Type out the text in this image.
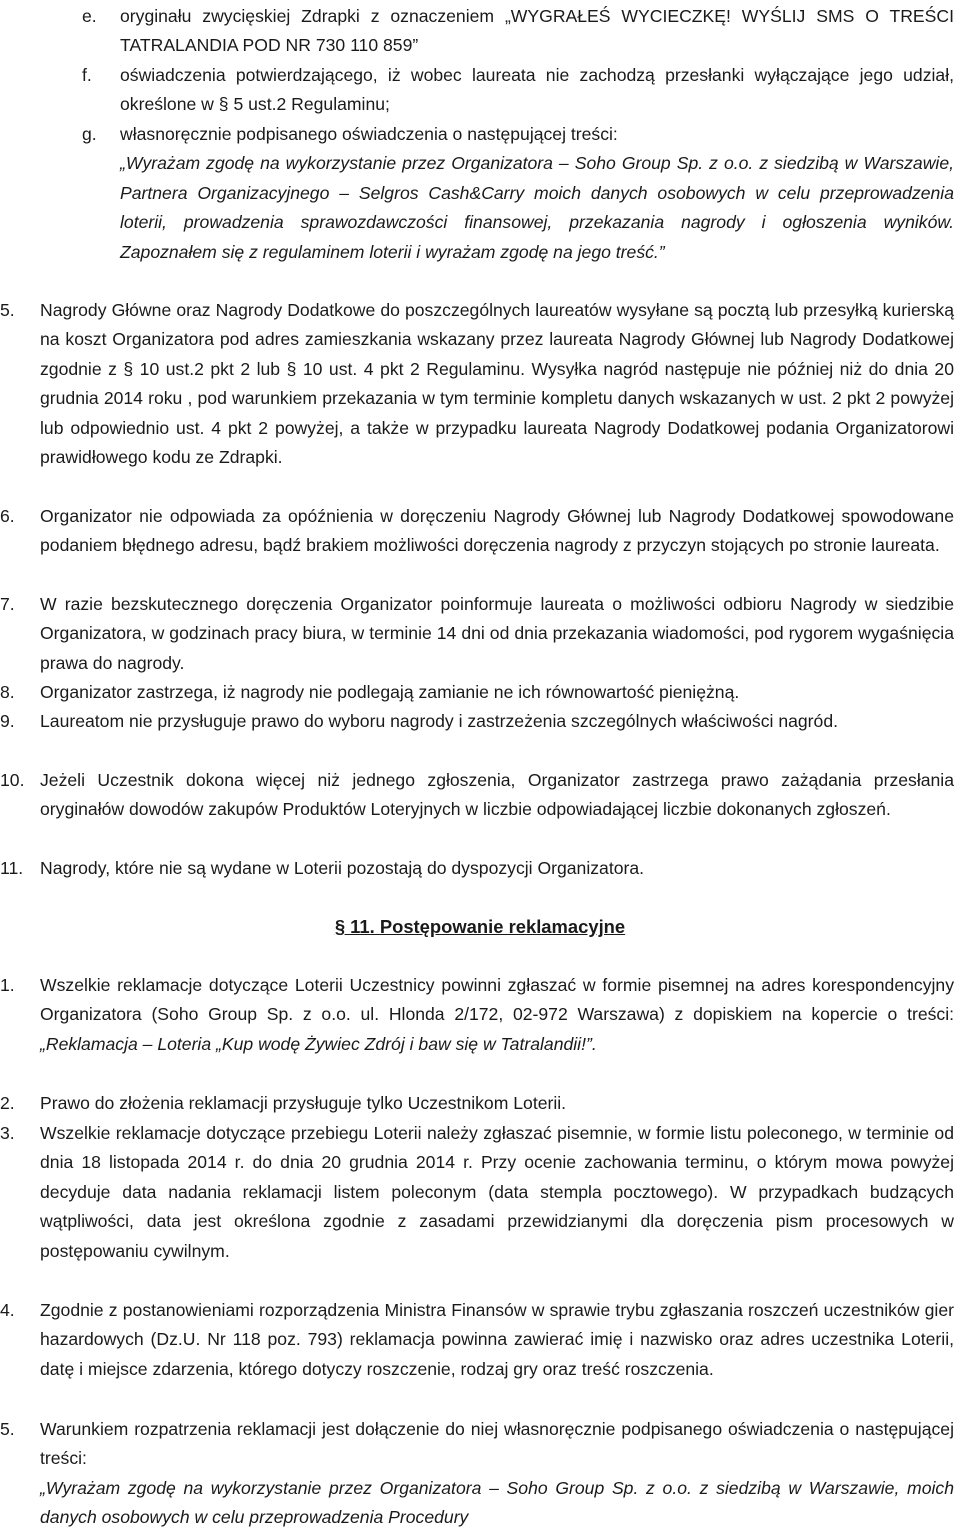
e. oryginału zwycięskiej Zdrapki z oznaczeniem „WYGRAŁEŚ WYCIECZKĘ! WYŚLIJ SMS O TREŚCI TATRALANDIA POD NR 730 110 859”
f. oświadczenia potwierdzającego, iż wobec laureata nie zachodzą przesłanki wyłączające jego udział, określone w § 5 ust.2 Regulaminu;
g. własnoręcznie podpisanego oświadczenia o następującej treści:
„Wyrażam zgodę na wykorzystanie przez Organizatora – Soho Group Sp. z o.o. z siedzibą w Warszawie, Partnera Organizacyjnego – Selgros Cash&Carry moich danych osobowych w celu przeprowadzenia loterii, prowadzenia sprawozdawczości finansowej, przekazania nagrody i ogłoszenia wyników. Zapoznałem się z regulaminem loterii i wyrażam zgodę na jego treść.”
5. Nagrody Główne oraz Nagrody Dodatkowe do poszczególnych laureatów wysyłane są pocztą lub przesyłką kurierską na koszt Organizatora pod adres zamieszkania wskazany przez laureata Nagrody Głównej lub Nagrody Dodatkowej zgodnie z § 10 ust.2 pkt 2 lub § 10 ust. 4 pkt 2 Regulaminu. Wysyłka nagród następuje nie później niż do dnia 20 grudnia 2014 roku , pod warunkiem przekazania w tym terminie kompletu danych wskazanych w ust. 2 pkt 2 powyżej lub odpowiednio ust. 4 pkt 2 powyżej, a także w przypadku laureata Nagrody Dodatkowej podania Organizatorowi prawidłowego kodu ze Zdrapki.
6. Organizator nie odpowiada za opóźnienia w doręczeniu Nagrody Głównej lub Nagrody Dodatkowej spowodowane podaniem błędnego adresu, bądź brakiem możliwości doręczenia nagrody z przyczyn stojących po stronie laureata.
7. W razie bezskutecznego doręczenia Organizator poinformuje laureata o możliwości odbioru Nagrody w siedzibie Organizatora, w godzinach pracy biura, w terminie 14 dni od dnia przekazania wiadomości, pod rygorem wygaśnięcia prawa do nagrody.
8. Organizator zastrzega, iż nagrody nie podlegają zamianie ne ich równowartość pieniężną.
9. Laureatom nie przysługuje prawo do wyboru nagrody i zastrzeżenia szczególnych właściwości nagród.
10. Jeżeli Uczestnik dokona więcej niż jednego zgłoszenia, Organizator zastrzega prawo zażądania przesłania oryginałów dowodów zakupów Produktów Loteryjnych w liczbie odpowiadającej liczbie dokonanych zgłoszeń.
11. Nagrody, które nie są wydane w Loterii pozostają do dyspozycji Organizatora.
§ 11. Postępowanie reklamacyjne
1. Wszelkie reklamacje dotyczące Loterii Uczestnicy powinni zgłaszać w formie pisemnej na adres korespondencyjny Organizatora (Soho Group Sp. z o.o. ul. Hlonda 2/172, 02-972 Warszawa) z dopiskiem na kopercie o treści: „Reklamacja – Loteria „Kup wodę Żywiec Zdrój i baw się w Tatralandii!”.
2. Prawo do złożenia reklamacji przysługuje tylko Uczestnikom Loterii.
3. Wszelkie reklamacje dotyczące przebiegu Loterii należy zgłaszać pisemnie, w formie listu poleconego, w terminie od dnia 18 listopada 2014 r. do dnia 20 grudnia 2014 r. Przy ocenie zachowania terminu, o którym mowa powyżej decyduje data nadania reklamacji listem poleconym (data stempla pocztowego). W przypadkach budzących wątpliwości, data jest określona zgodnie z zasadami przewidzianymi dla doręczenia pism procesowych w postępowaniu cywilnym.
4. Zgodnie z postanowieniami rozporządzenia Ministra Finansów w sprawie trybu zgłaszania roszczeń uczestników gier hazardowych (Dz.U. Nr 118 poz. 793) reklamacja powinna zawierać imię i nazwisko oraz adres uczestnika Loterii, datę i miejsce zdarzenia, którego dotyczy roszczenie, rodzaj gry oraz treść roszczenia.
5. Warunkiem rozpatrzenia reklamacji jest dołączenie do niej własnoręcznie podpisanego oświadczenia o następującej treści:
„Wyrażam zgodę na wykorzystanie przez Organizatora – Soho Group Sp. z o.o. z siedzibą w Warszawie, moich danych osobowych w celu przeprowadzenia Procedury
